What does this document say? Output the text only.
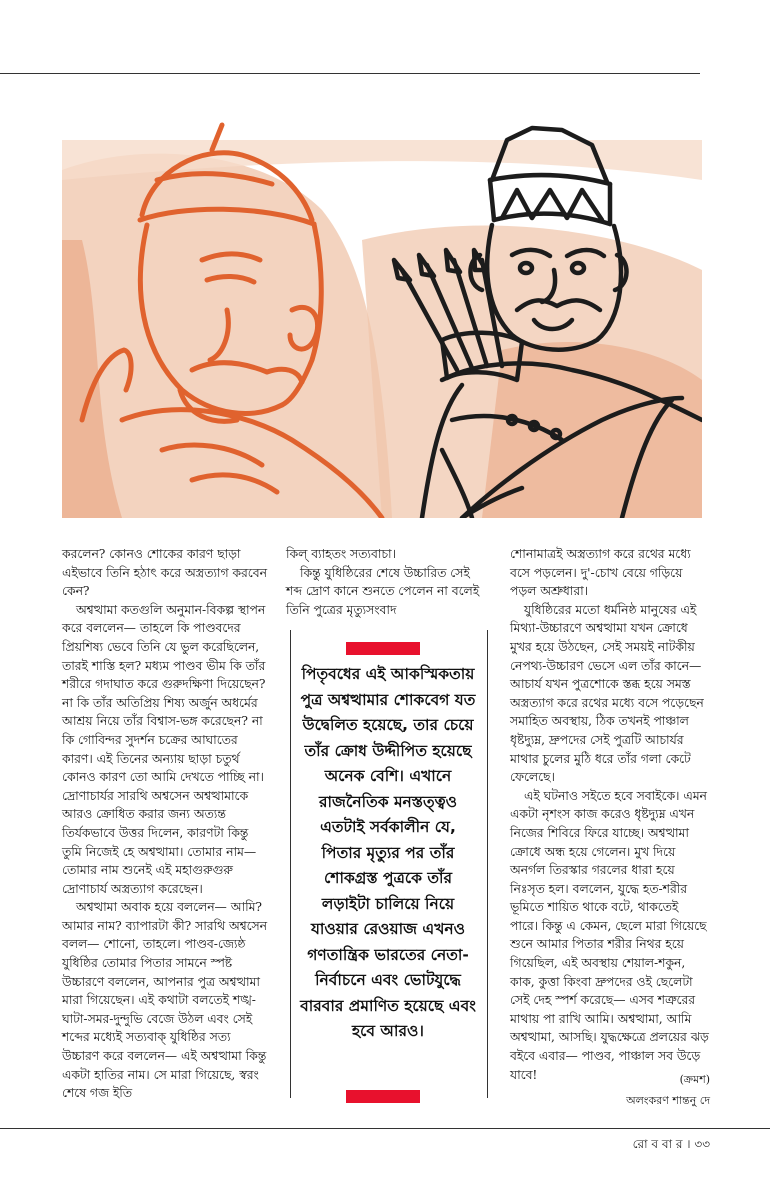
করলেন? কোনও শোকের কারণ ছাড়া এইভাবে তিনি হঠাৎ করে অস্ত্রত্যাগ করবেন কেন?

অশ্বত্থামা কতগুলি অনুমান-বিকল্প স্থাপন করে বললেন— তাহলে কি পাণ্ডবদের প্রিয়শিষ্য ভেবে তিনি যে ভুল করেছিলেন, তারই শাস্তি হল? মধ্যম পাণ্ডব ভীম কি তাঁর শরীরে গদাঘাত করে গুরুদক্ষিণা দিয়েছেন? না কি তাঁর অতিপ্রিয় শিষ্য অর্জুন অধর্মের আশ্রয় নিয়ে তাঁর বিশ্বাস-ভঙ্গ করেছেন? না কি গোবিন্দর সুদর্শন চক্রের আঘাতের কারণ। এই তিনের অন্যায় ছাড়া চতুর্থ কোনও কারণ তো আমি দেখতে পাচ্ছি না। দ্রোণাচার্যর সারথি অশ্বসেন অশ্বত্থামাকে আরও ক্রোধিত করার জন্য অত্যন্ত তির্যকভাবে উত্তর দিলেন, কারণটা কিন্তু তুমি নিজেই হে অশ্বত্থামা। তোমার নাম— তোমার নাম শুনেই এই মহাগুরুগুরু দ্রোণাচার্য অস্ত্রত্যাগ করেছেন।

অশ্বত্থামা অবাক হয়ে বললেন— আমি? আমার নাম? ব্যাপারটা কী? সারথি অশ্বসেন বলল— শোনো, তাহলে। পাণ্ডব-জ্যেষ্ঠ যুধিষ্ঠির তোমার পিতার সামনে স্পষ্ট উচ্চারণে বললেন, আপনার পুত্র অশ্বত্থামা মারা গিয়েছেন। এই কথাটা বলতেই শঙ্খ-ঘাটা-সমর-দুন্দুভি বেজে উঠল এবং সেই শব্দের মধ্যেই সত্যবাক্ যুধিষ্ঠির সত্য উচ্চারণ করে বললেন— এই অশ্বত্থামা কিন্তু একটা হাতির নাম। সে মারা গিয়েছে, স্বরং শেষে গজ ইতি

কিল্ ব্যাহতং সত্যবাচা।

কিন্তু যুধিষ্ঠিরের শেষে উচ্চারিত সেই শব্দ দ্রোণ কানে শুনতে পেলেন না বলেই তিনি পুত্রের মৃত্যুসংবাদ

পিতৃবধের এই আকস্মিকতায় পুত্র অশ্বত্থামার শোকবেগ যত উদ্বেলিত হয়েছে, তার চেয়ে তাঁর ক্রোধ উদ্দীপিত হয়েছে অনেক বেশি। এখানে রাজনৈতিক মনস্তত্ত্বও এতটাই সর্বকালীন যে, পিতার মৃত্যুর পর তাঁর শোকগ্রস্ত পুত্রকে তাঁর লড়াইটা চালিয়ে নিয়ে যাওয়ার রেওয়াজ এখনও গণতান্ত্রিক ভারতের নেতা-নির্বাচনে এবং ভোটযুদ্ধে বারবার প্রমাণিত হয়েছে এবং হবে আরও।

শোনামাত্রই অস্ত্রত্যাগ করে রথের মধ্যে বসে পড়লেন। দু'-চোখ বেয়ে গড়িয়ে পড়ল অশ্রুধারা।

যুধিষ্ঠিরের মতো ধর্মনিষ্ঠ মানুষের এই মিথ্যা-উচ্চারণে অশ্বত্থামা যখন ক্রোধে মুখর হয়ে উঠছেন, সেই সময়ই নাটকীয় নেপথ্য-উচ্চারণ ভেসে এল তাঁর কানে— আচার্য যখন পুত্রশোকে স্তব্ধ হয়ে সমস্ত অস্ত্রত্যাগ করে রথের মধ্যে বসে পড়েছেন সমাহিত অবস্থায়, ঠিক তখনই পাঞ্চাল ধৃষ্টদ্যুম্ন, দ্রুপদের সেই পুত্রটি আচার্যর মাথার চুলের মুঠি ধরে তাঁর গলা কেটে ফেলেছে।

এই ঘটনাও সইতে হবে সবাইকে। এমন একটা নৃশংস কাজ করেও ধৃষ্টদ্যুম্ন এখন নিজের শিবিরে ফিরে যাচ্ছে। অশ্বত্থামা ক্রোধে অন্ধ হয়ে গেলেন। মুখ দিয়ে অনর্গল তিরস্কার গরলের ধারা হয়ে নিঃসৃত হল। বললেন, যুদ্ধে হত-শরীর ভূমিতে শায়িত থাকে বটে, থাকতেই পারে। কিন্তু এ কেমন, ছেলে মারা গিয়েছে শুনে আমার পিতার শরীর নিথর হয়ে গিয়েছিল, এই অবস্থায় শেয়াল-শকুন, কাক, কুত্তা কিংবা দ্রুপদের ওই ছেলেটা সেই দেহ স্পর্শ করেছে— এসব শত্রুরের মাথায় পা রাখি আমি। অশ্বত্থামা, আমি অশ্বত্থামা, আসছি। যুদ্ধক্ষেত্রে প্রলয়ের ঝড় বইবে এবার— পাণ্ডব, পাঞ্চাল সব উড়ে যাবে!	(ক্রমশ)
অলংকরণ শান্তনু দে
রো ব বা র । ৩৩
